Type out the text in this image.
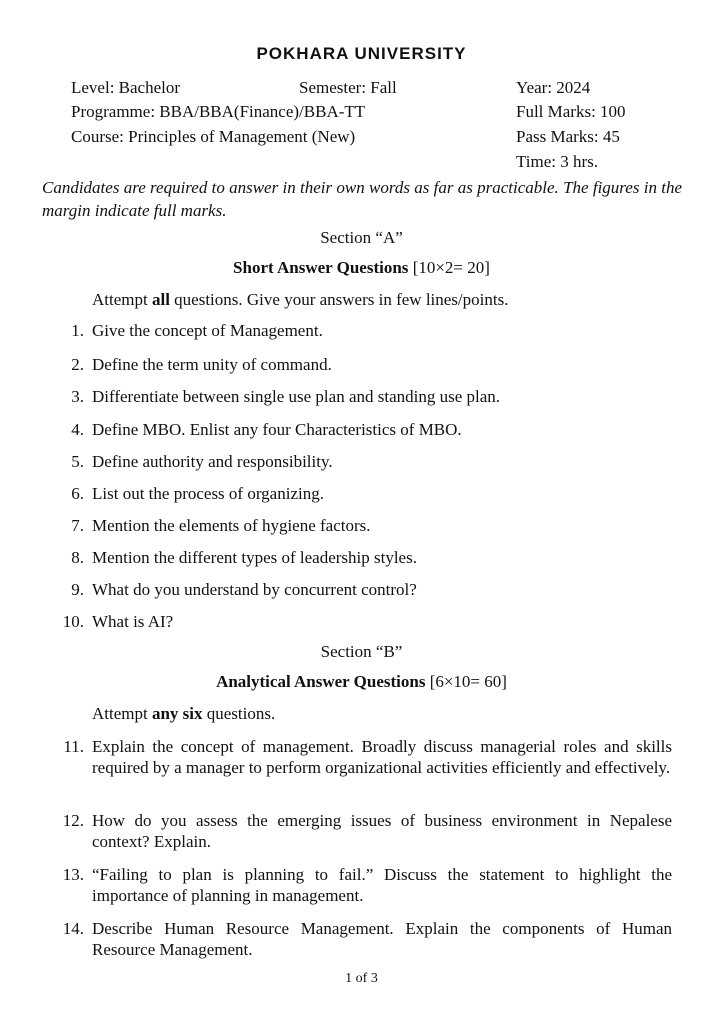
POKHARA UNIVERSITY
Level: Bachelor	Semester: Fall	Year: 2024
Programme: BBA/BBA(Finance)/BBA-TT	Full Marks: 100
Course: Principles of Management (New)	Pass Marks: 45
Time: 3 hrs.
Candidates are required to answer in their own words as far as practicable. The figures in the margin indicate full marks.
Section “A”
Short Answer Questions [10×2= 20]
Attempt all questions. Give your answers in few lines/points.
1. Give the concept of Management.
2. Define the term unity of command.
3. Differentiate between single use plan and standing use plan.
4. Define MBO. Enlist any four Characteristics of MBO.
5. Define authority and responsibility.
6. List out the process of organizing.
7. Mention the elements of hygiene factors.
8. Mention the different types of leadership styles.
9. What do you understand by concurrent control?
10. What is AI?
Section “B”
Analytical Answer Questions [6×10= 60]
Attempt any six questions.
11. Explain the concept of management. Broadly discuss managerial roles and skills required by a manager to perform organizational activities efficiently and effectively.
12. How do you assess the emerging issues of business environment in Nepalese context? Explain.
13. “Failing to plan is planning to fail.” Discuss the statement to highlight the importance of planning in management.
14. Describe Human Resource Management. Explain the components of Human Resource Management.
1 of 3
